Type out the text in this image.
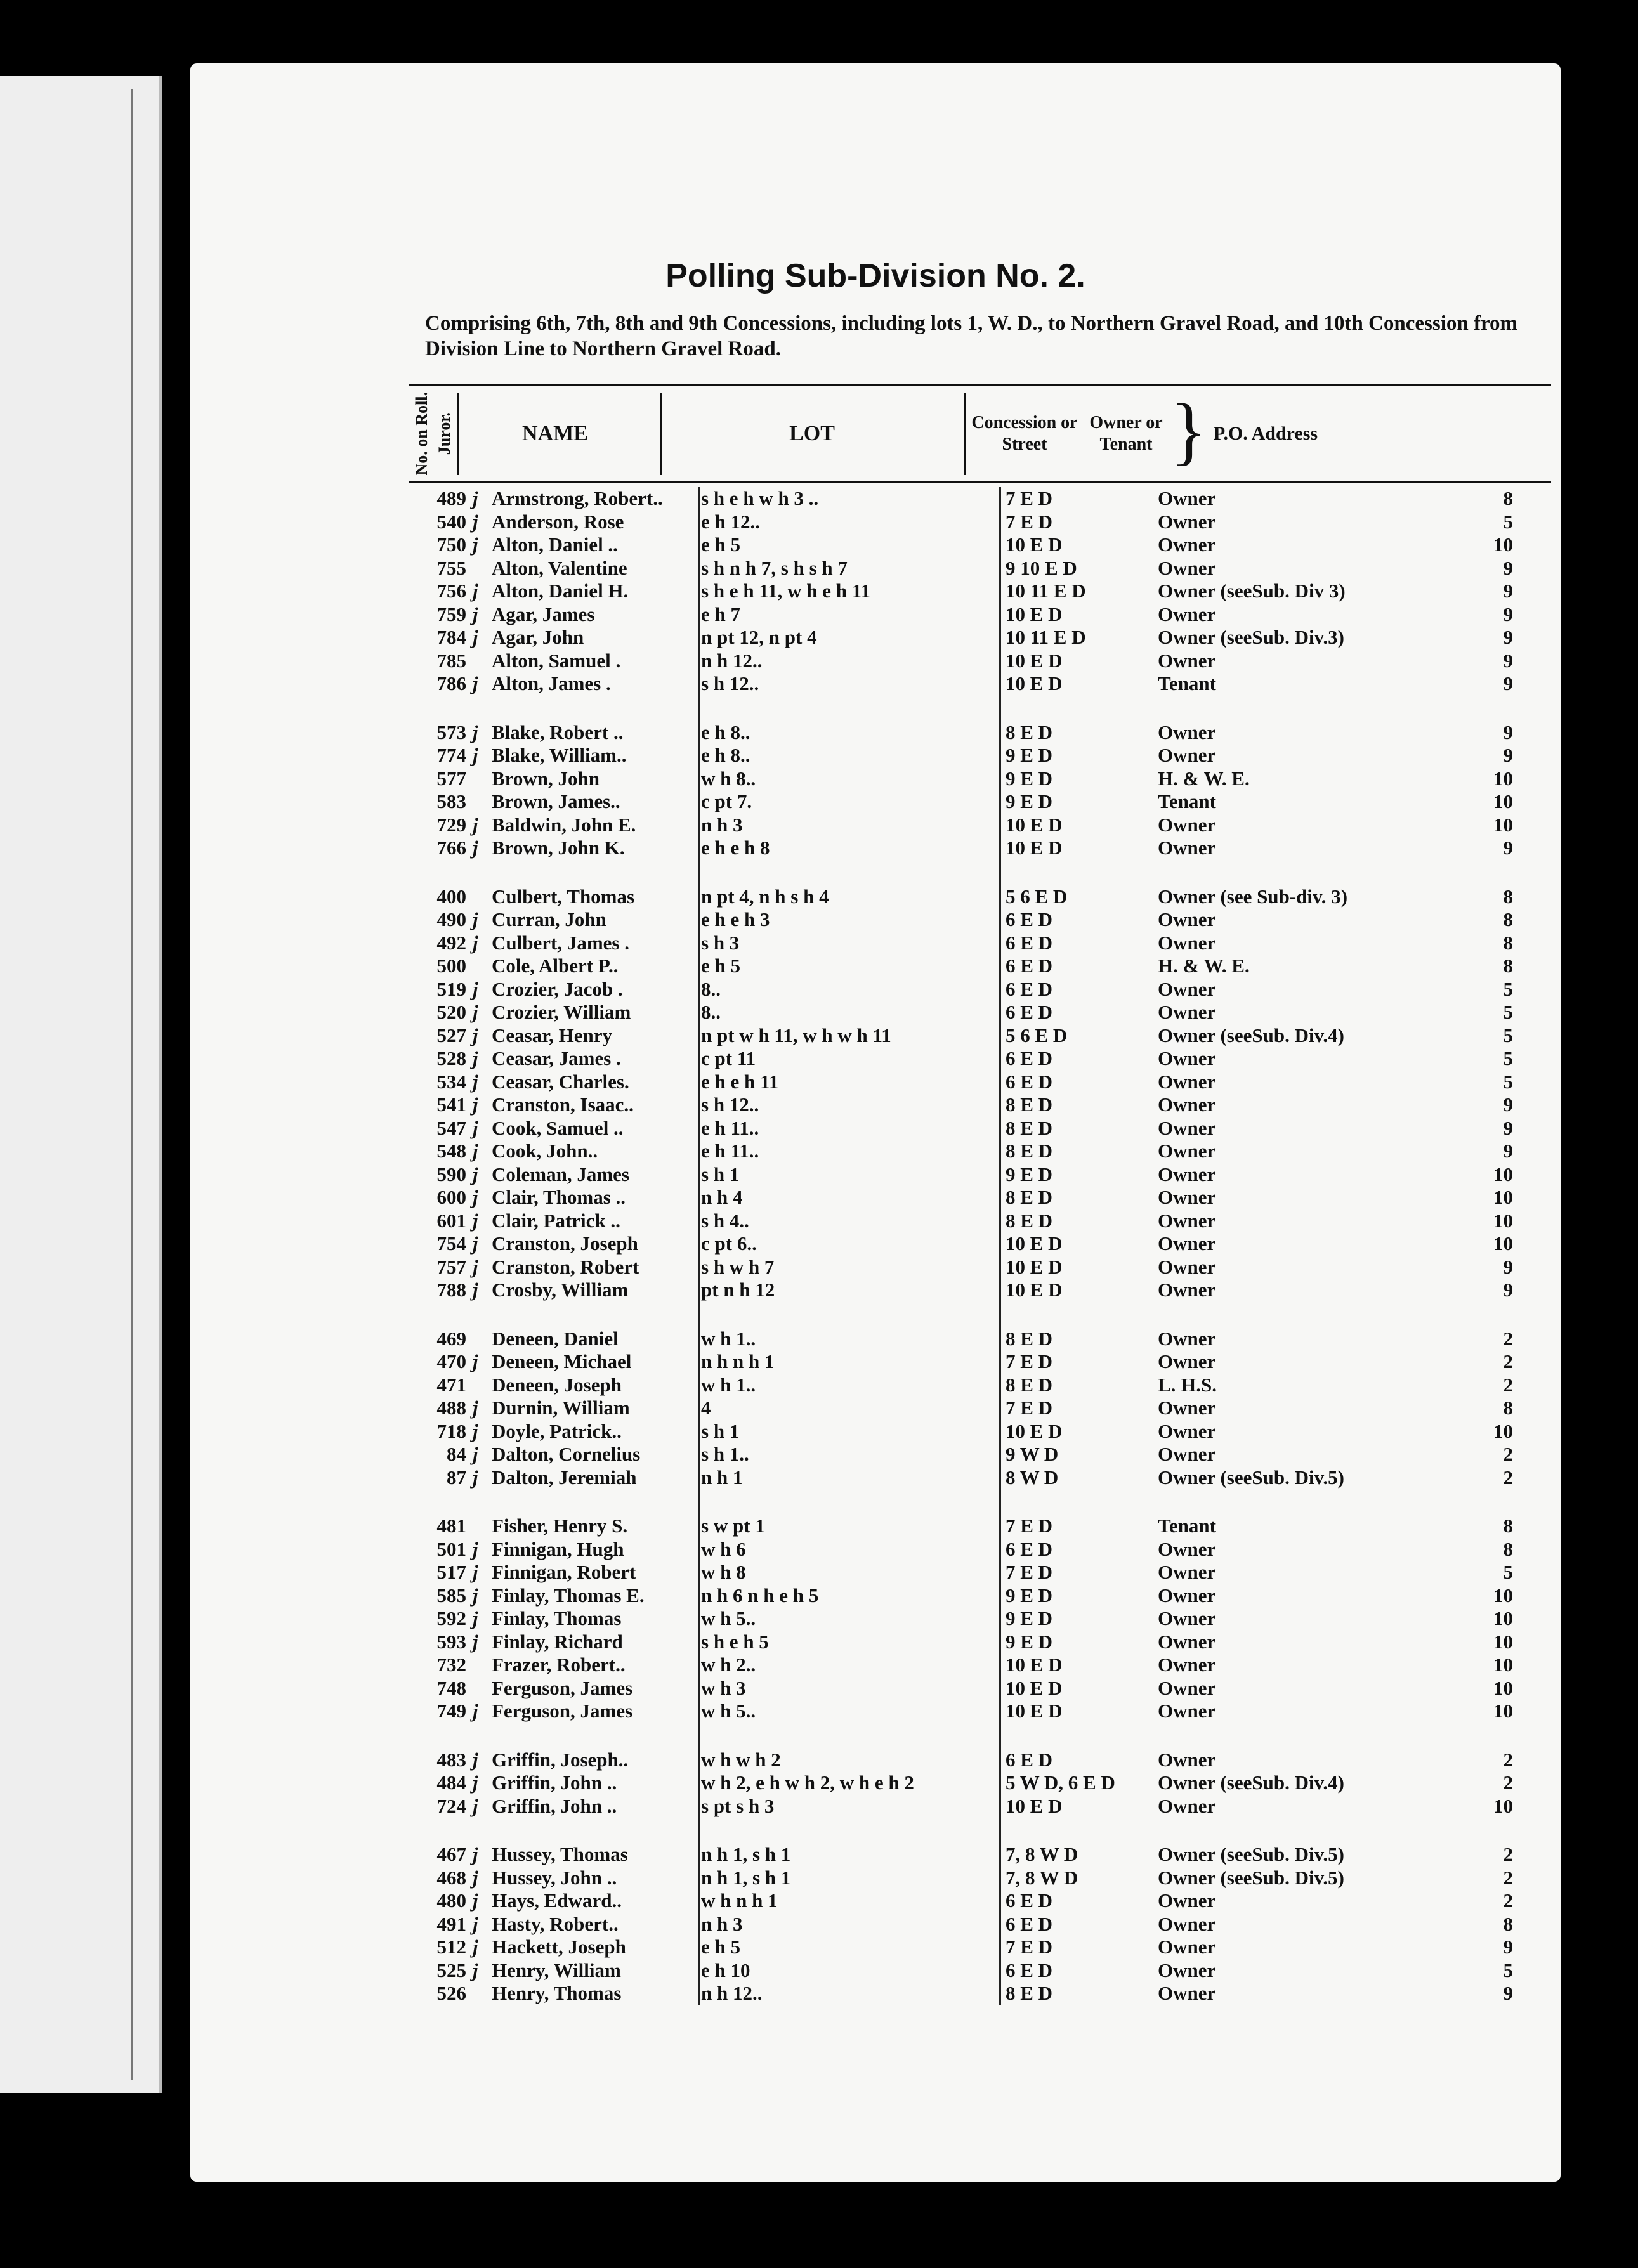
Polling Sub-Division No. 2.
Comprising 6th, 7th, 8th and 9th Concessions, including lots 1, W. D., to Northern Gravel Road, and 10th Concession from Division Line to Northern Gravel Road.
No. on Roll. Juror.	NAME	LOT	Concession or Street
Owner or Tenant } P.O. Address
489 j Armstrong, Robert..	s h e h w h 3 ..	7 E D	Owner	8
540 j Anderson, Rose	e h 12..	7 E D	Owner	5
750 j Alton, Daniel ..	e h 5	10 E D	Owner	10
755 Alton, Valentine	s h n h 7, s h s h 7	9 10 E D	Owner	9
756 j Alton, Daniel H.	s h e h 11, w h e h 11	10 11 E D	Owner (seeSub. Div 3)	9
759 j Agar, James	e h 7	10 E D	Owner	9
784 j Agar, John	n pt 12, n pt 4	10 11 E D	Owner (seeSub. Div.3)	9
785 Alton, Samuel .	n h 12..	10 E D	Owner	9
786 j Alton, James .	s h 12..	10 E D	Tenant	9
573 j Blake, Robert ..	e h 8..	8 E D	Owner	9
774 j Blake, William..	e h 8..	9 E D	Owner	9
577 Brown, John	w h 8..	9 E D	H. & W. E.	10
583 Brown, James..	c pt 7.	9 E D	Tenant	10
729 j Baldwin, John E.	n h 3	10 E D	Owner	10
766 j Brown, John K.	e h e h 8	10 E D	Owner	9
400 Culbert, Thomas	n pt 4, n h s h 4	5 6 E D	Owner (see Sub-div. 3)	8
490 j Curran, John	e h e h 3	6 E D	Owner	8
492 j Culbert, James .	s h 3	6 E D	Owner	8
500 Cole, Albert P..	e h 5	6 E D	H. & W. E.	8
519 j Crozier, Jacob .	8..	6 E D	Owner	5
520 j Crozier, William	8..	6 E D	Owner	5
527 j Ceasar, Henry	n pt w h 11, w h w h 11	5 6 E D	Owner (seeSub. Div.4)	5
528 j Ceasar, James .	c pt 11	6 E D	Owner	5
534 j Ceasar, Charles.	e h e h 11	6 E D	Owner	5
541 j Cranston, Isaac..	s h 12..	8 E D	Owner	9
547 j Cook, Samuel ..	e h 11..	8 E D	Owner	9
548 j Cook, John..	e h 11..	8 E D	Owner	9
590 j Coleman, James	s h 1	9 E D	Owner	10
600 j Clair, Thomas ..	n h 4	8 E D	Owner	10
601 j Clair, Patrick ..	s h 4..	8 E D	Owner	10
754 j Cranston, Joseph	c pt 6..	10 E D	Owner	10
757 j Cranston, Robert	s h w h 7	10 E D	Owner	9
788 j Crosby, William	pt n h 12	10 E D	Owner	9
469 Deneen, Daniel	w h 1..	8 E D	Owner	2
470 j Deneen, Michael	n h n h 1	7 E D	Owner	2
471 Deneen, Joseph	w h 1..	8 E D	L. H.S.	2
488 j Durnin, William	4	7 E D	Owner	8
718 j Doyle, Patrick..	s h 1	10 E D	Owner	10
84 j Dalton, Cornelius	s h 1..	9 W D	Owner	2
87 j Dalton, Jeremiah	n h 1	8 W D	Owner (seeSub. Div.5)	2
481 Fisher, Henry S.	s w pt 1	7 E D	Tenant	8
501 j Finnigan, Hugh	w h 6	6 E D	Owner	8
517 j Finnigan, Robert	w h 8	7 E D	Owner	5
585 j Finlay, Thomas E.	n h 6 n h e h 5	9 E D	Owner	10
592 j Finlay, Thomas	w h 5..	9 E D	Owner	10
593 j Finlay, Richard	s h e h 5	9 E D	Owner	10
732 Frazer, Robert..	w h 2..	10 E D	Owner	10
748 Ferguson, James	w h 3	10 E D	Owner	10
749 j Ferguson, James	w h 5..	10 E D	Owner	10
483 j Griffin, Joseph..	w h w h 2	6 E D	Owner	2
484 j Griffin, John ..	w h 2, e h w h 2, w h e h 2	5 W D, 6 E D	Owner (seeSub. Div.4)	2
724 j Griffin, John ..	s pt s h 3	10 E D	Owner	10
467 j Hussey, Thomas	n h 1, s h 1	7, 8 W D	Owner (seeSub. Div.5)	2
468 j Hussey, John ..	n h 1, s h 1	7, 8 W D	Owner (seeSub. Div.5)	2
480 j Hays, Edward..	w h n h 1	6 E D	Owner	2
491 j Hasty, Robert..	n h 3	6 E D	Owner	8
512 j Hackett, Joseph	e h 5	7 E D	Owner	9
525 j Henry, William	e h 10	6 E D	Owner	5
526 Henry, Thomas	n h 12..	8 E D	Owner	9
